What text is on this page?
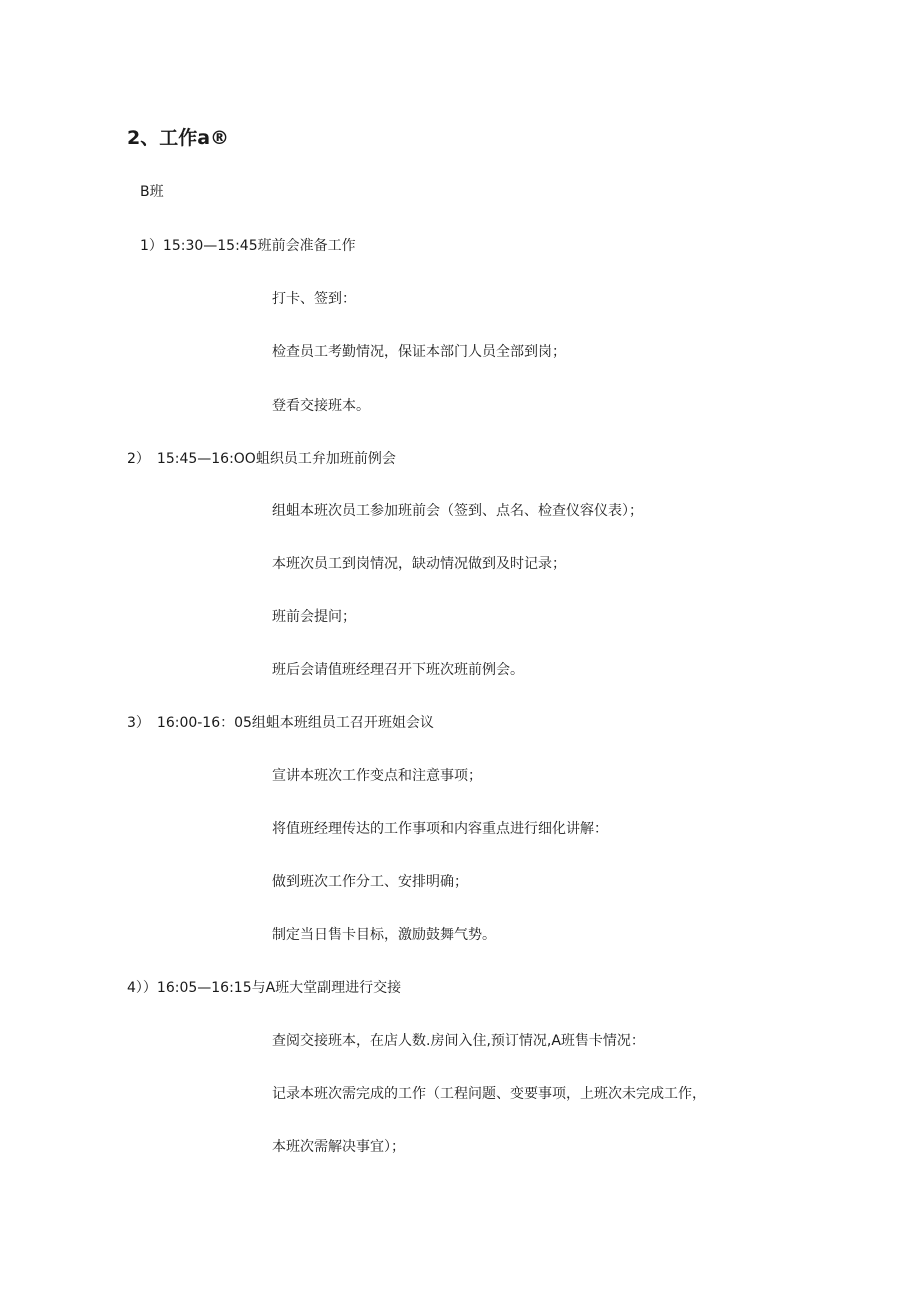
2、工作a®
B班
1）15:30—15:45班前会准备工作
打卡、签到：
检查员工考勤情况，保证本部门人员全部到岗；
登看交接班本。
2）　15:45—16:OO蛆织员工弁加班前例会
组蛆本班次员工参加班前会（签到、点名、检查仪容仪表）；
本班次员工到岗情况，缺动情况做到及时记录；
班前会提问；
班后会请值班经理召开下班次班前例会。
3）　16:00-16：05组蛆本班组员工召开班姐会议
宣讲本班次工作变点和注意事项；
将值班经理传达的工作事项和内容重点进行细化讲解：
做到班次工作分工、安排明确；
制定当日售卡目标，激励鼓舞气势。
4））16:05—16:15与A班大堂副理进行交接
查阅交接班本，在店人数.房间入住,预订情况,A班售卡情况：
记录本班次需完成的工作（工程问题、变要事项，上班次未完成工作，
本班次需解决事宜）；
